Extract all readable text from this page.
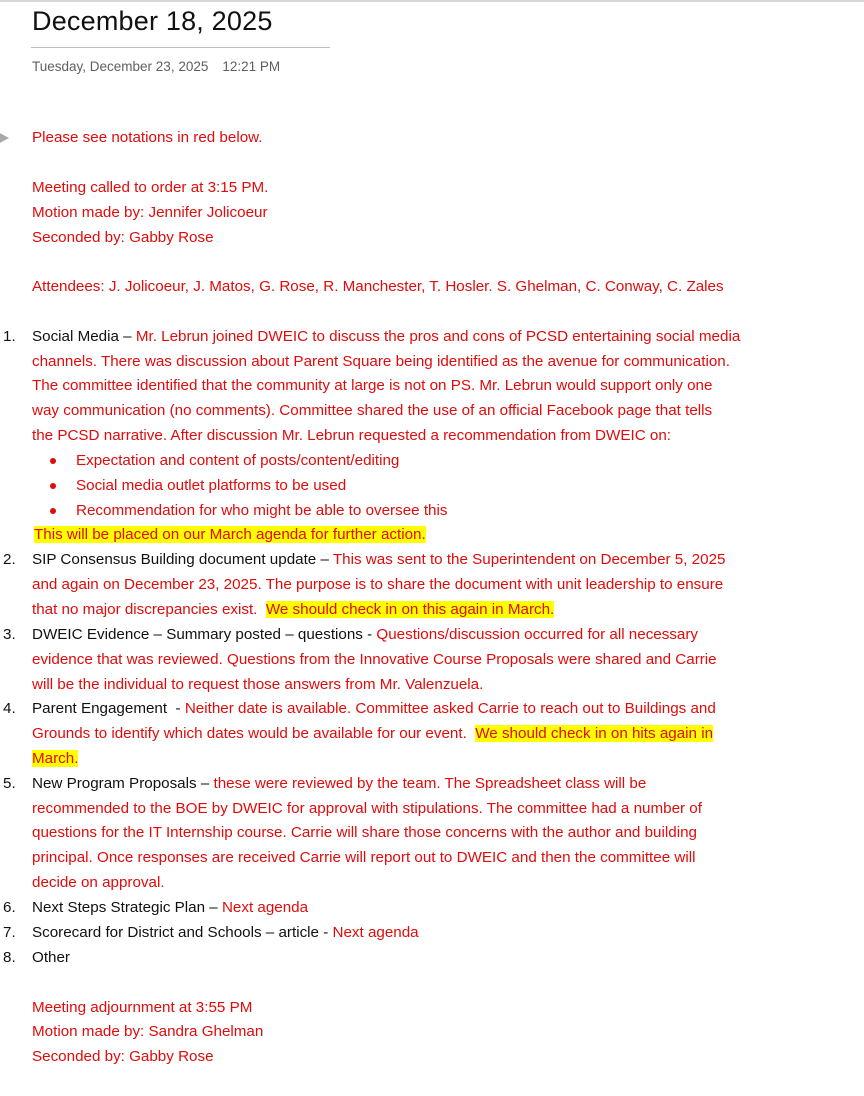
December 18, 2025
Tuesday, December 23, 2025 12:21 PM
Please see notations in red below.
Meeting called to order at 3:15 PM.
Motion made by: Jennifer Jolicoeur
Seconded by: Gabby Rose
Attendees: J. Jolicoeur, J. Matos, G. Rose, R. Manchester, T. Hosler. S. Ghelman, C. Conway, C. Zales
1. Social Media – Mr. Lebrun joined DWEIC to discuss the pros and cons of PCSD entertaining social media
channels. There was discussion about Parent Square being identified as the avenue for communication.
The committee identified that the community at large is not on PS. Mr. Lebrun would support only one
way communication (no comments). Committee shared the use of an official Facebook page that tells
the PCSD narrative. After discussion Mr. Lebrun requested a recommendation from DWEIC on:
Expectation and content of posts/content/editing
Social media outlet platforms to be used
Recommendation for who might be able to oversee this
This will be placed on our March agenda for further action.
2. SIP Consensus Building document update – This was sent to the Superintendent on December 5, 2025
and again on December 23, 2025. The purpose is to share the document with unit leadership to ensure
that no major discrepancies exist.  We should check in on this again in March.
3. DWEIC Evidence – Summary posted – questions - Questions/discussion occurred for all necessary
evidence that was reviewed. Questions from the Innovative Course Proposals were shared and Carrie
will be the individual to request those answers from Mr. Valenzuela.
4. Parent Engagement  - Neither date is available. Committee asked Carrie to reach out to Buildings and
Grounds to identify which dates would be available for our event.  We should check in on hits again in
March.
5. New Program Proposals – these were reviewed by the team. The Spreadsheet class will be
recommended to the BOE by DWEIC for approval with stipulations. The committee had a number of
questions for the IT Internship course. Carrie will share those concerns with the author and building
principal. Once responses are received Carrie will report out to DWEIC and then the committee will
decide on approval.
6. Next Steps Strategic Plan – Next agenda
7. Scorecard for District and Schools – article - Next agenda
8. Other
Meeting adjournment at 3:55 PM
Motion made by: Sandra Ghelman
Seconded by: Gabby Rose
